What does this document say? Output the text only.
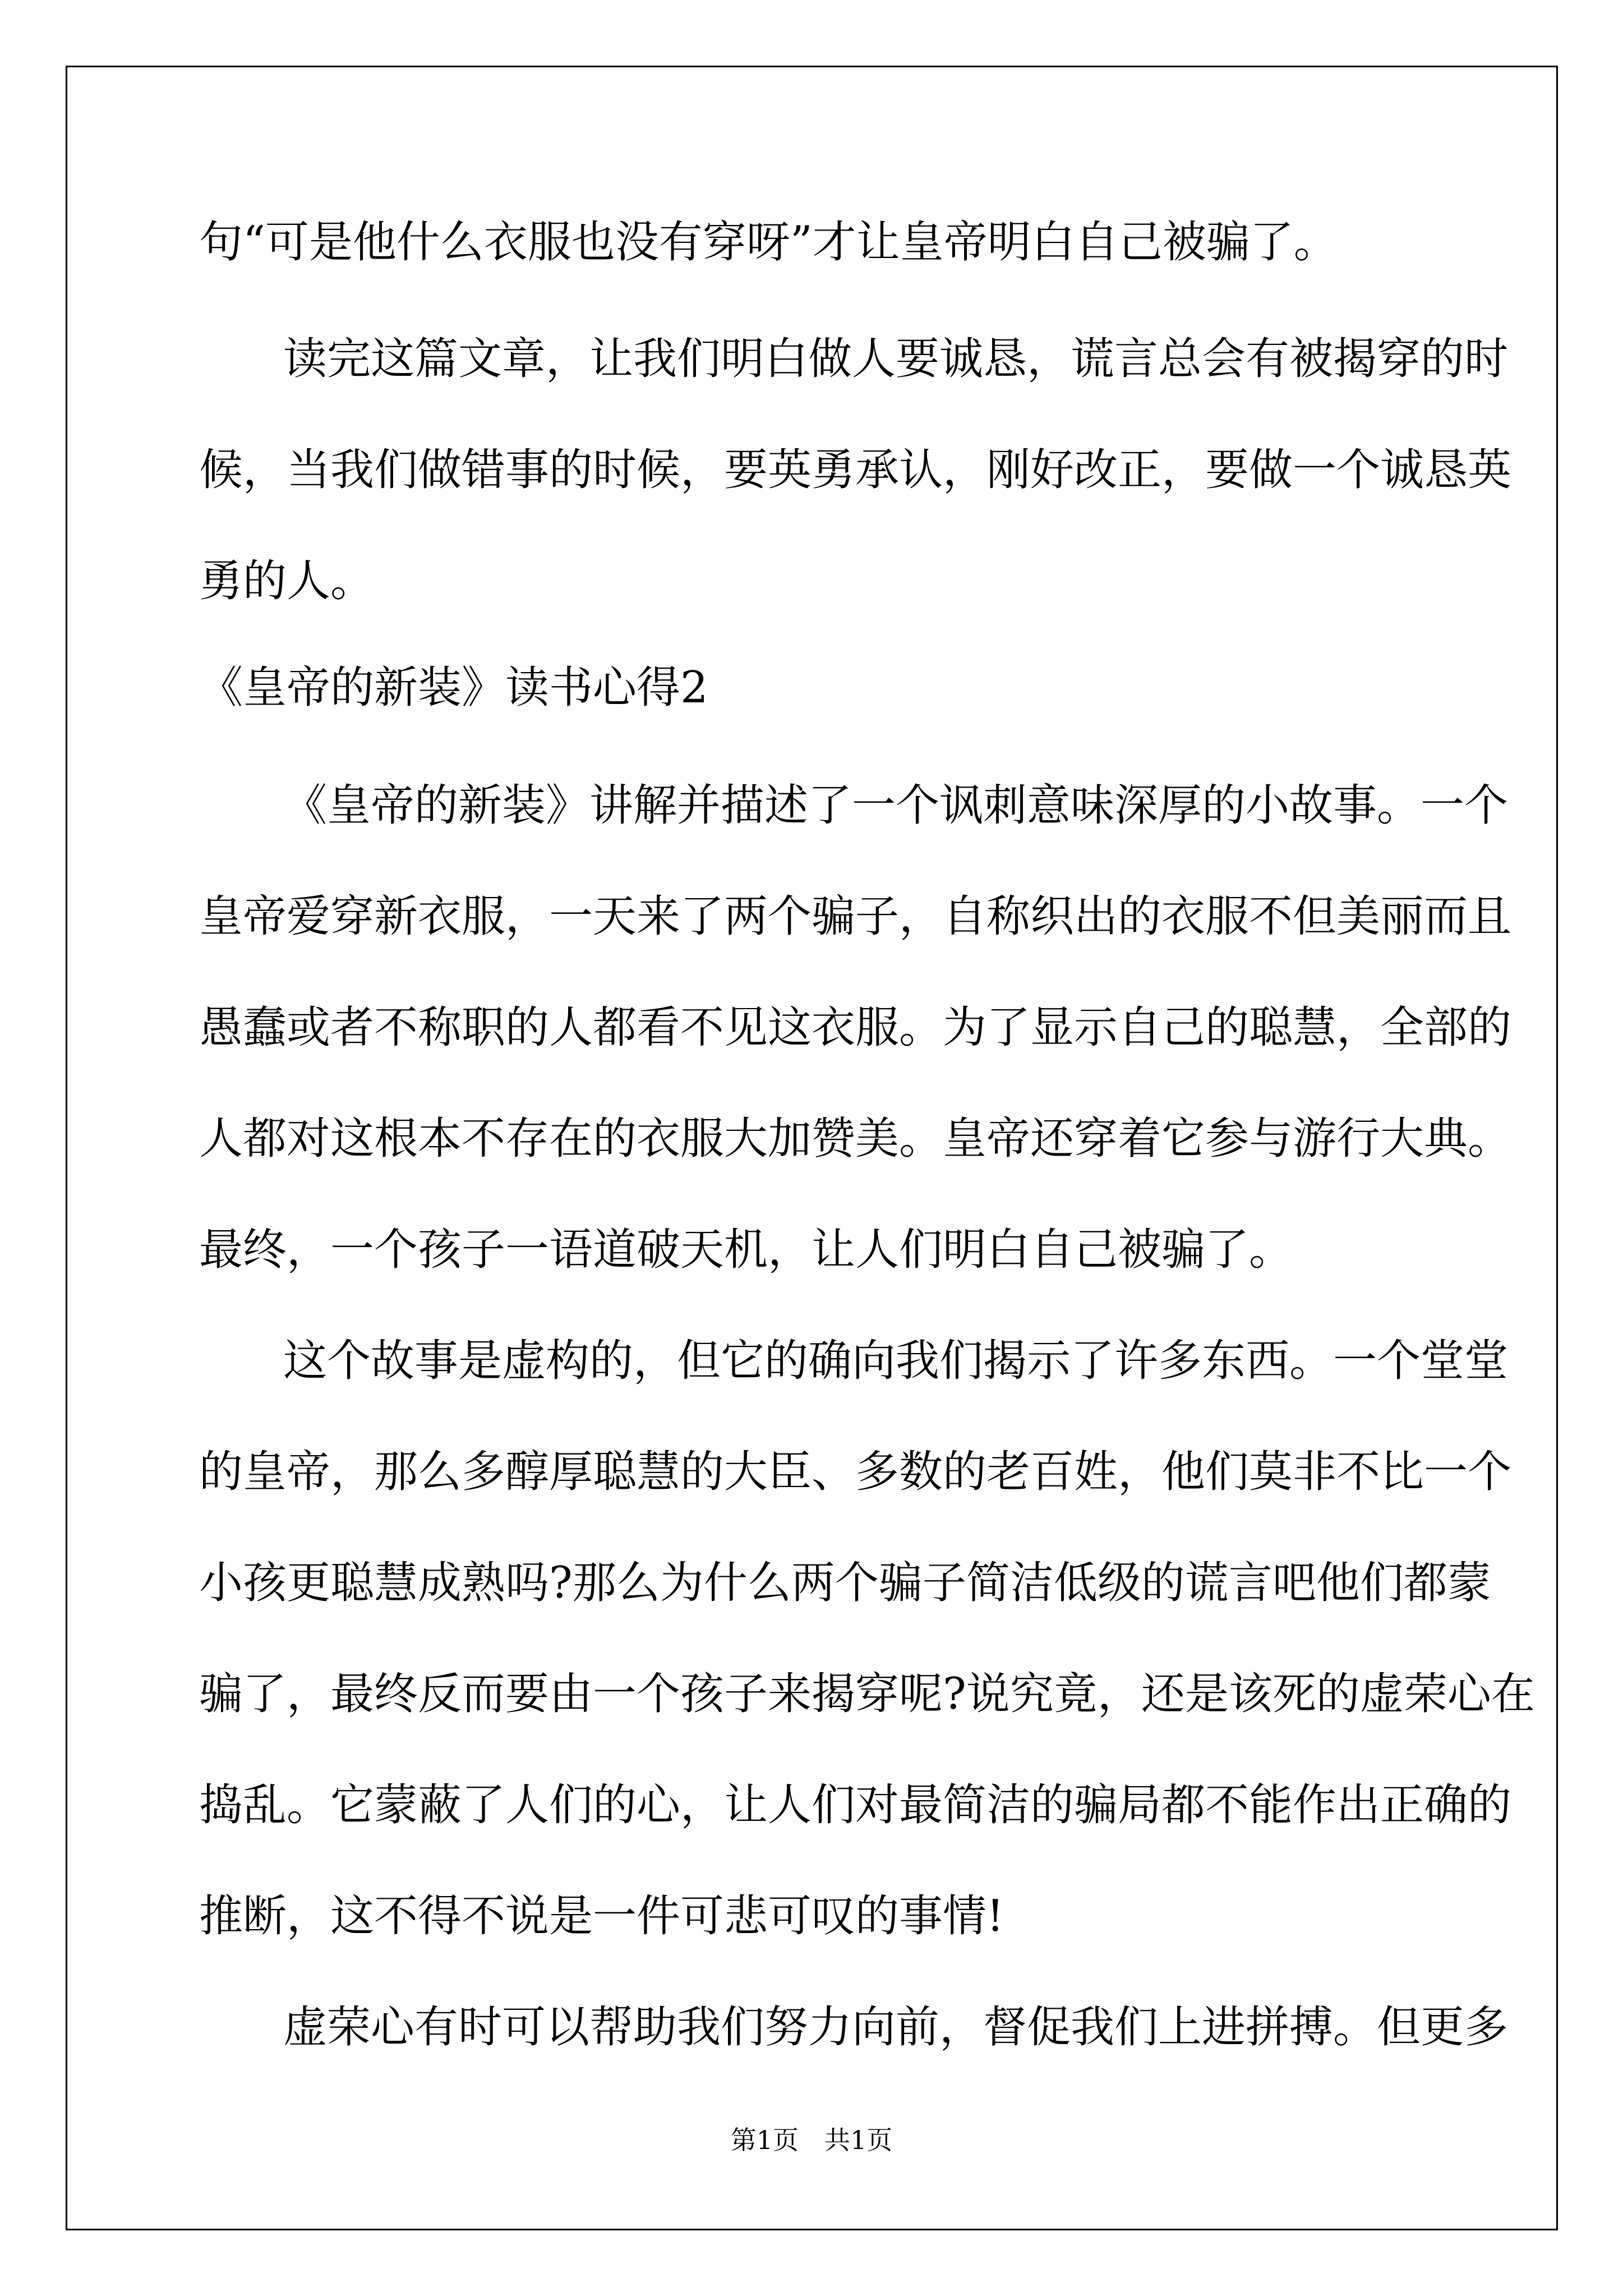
句“可是他什么衣服也没有穿呀”才让皇帝明白自己被骗了。
读完这篇文章，让我们明白做人要诚恳，谎言总会有被揭穿的时
候，当我们做错事的时候，要英勇承认，刚好改正，要做一个诚恳英
勇的人。
《皇帝的新装》读书心得2
《皇帝的新装》讲解并描述了一个讽刺意味深厚的小故事。一个
皇帝爱穿新衣服，一天来了两个骗子，自称织出的衣服不但美丽而且
愚蠢或者不称职的人都看不见这衣服。为了显示自己的聪慧，全部的
人都对这根本不存在的衣服大加赞美。皇帝还穿着它参与游行大典。
最终，一个孩子一语道破天机，让人们明白自己被骗了。
这个故事是虚构的，但它的确向我们揭示了许多东西。一个堂堂
的皇帝，那么多醇厚聪慧的大臣、多数的老百姓，他们莫非不比一个
小孩更聪慧成熟吗?那么为什么两个骗子简洁低级的谎言吧他们都蒙
骗了，最终反而要由一个孩子来揭穿呢?说究竟，还是该死的虚荣心在
捣乱。它蒙蔽了人们的心，让人们对最简洁的骗局都不能作出正确的
推断，这不得不说是一件可悲可叹的事情!
虚荣心有时可以帮助我们努力向前，督促我们上进拼搏。但更多
第1页　共1页
